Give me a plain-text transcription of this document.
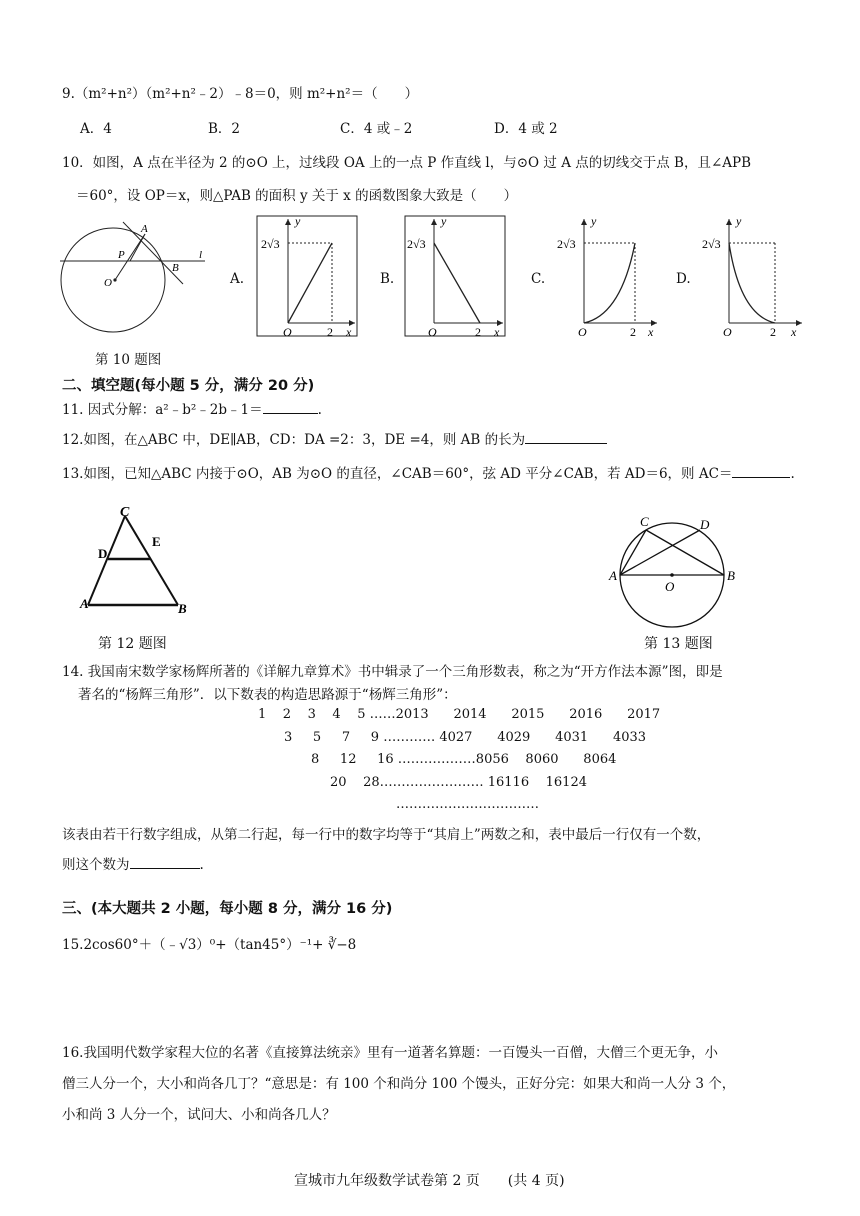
9.（m²+n²）（m²+n²﹣2）﹣8＝0，则 m²+n²＝（　　）
A．4	B．2	C．4 或﹣2	D．4 或 2
10．如图，A 点在半径为 2 的⊙O 上，过线段 OA 上的一点 P 作直线 l，与⊙O 过 A 点的切线交于点 B，且∠APB
＝60°，设 OP＝x，则△PAB 的面积 y 关于 x 的函数图象大致是（　　）
A
P
B
O
l
A.
2√3
y
O	2 x
B.
2√3
y
O	2 x
C.
2√3
y
O	2 x
D.
2√3
y
O	2 x
第 10 题图
二、填空题(每小题 5 分，满分 20 分)
11. 因式分解：a²﹣b²﹣2b﹣1＝	.
12.如图，在△ABC 中，DE∥AB，CD：DA =2：3，DE =4，则 AB 的长为
13.如图，已知△ABC 内接于⊙O，AB 为⊙O 的直径，∠CAB＝60°，弦 AD 平分∠CAB，若 AD＝6，则 AC＝	.
C
D
E
A	B
第 12 题图
C	D
A
O
B
第 13 题图
14. 我国南宋数学家杨辉所著的《详解九章算术》书中辑录了一个三角形数表，称之为“开方作法本源”图，即是
著名的“杨辉三角形”．以下数表的构造思路源于“杨辉三角形”：
1    2    3    4    5 ……2013      2014      2015      2016      2017
3     5     7     9 ………… 4027      4029      4031      4033
8     12     16 ………………8056    8060      8064
20    28…………………… 16116    16124
……………………………
该表由若干行数字组成，从第二行起，每一行中的数字均等于“其肩上”两数之和，表中最后一行仅有一个数，
则这个数为	.
三、(本大题共 2 小题，每小题 8 分，满分 16 分)
15.2cos60°＋（﹣√3）⁰+（tan45°）⁻¹+ ∛−8
16.我国明代数学家程大位的名著《直接算法统亲》里有一道著名算题：一百馒头一百僧，大僧三个更无争，小
僧三人分一个，大小和尚各几丁？“意思是：有 100 个和尚分 100 个馒头，正好分完：如果大和尚一人分 3 个，
小和尚 3 人分一个，试问大、小和尚各几人？
宣城市九年级数学试卷第 2 页　　(共 4 页)
